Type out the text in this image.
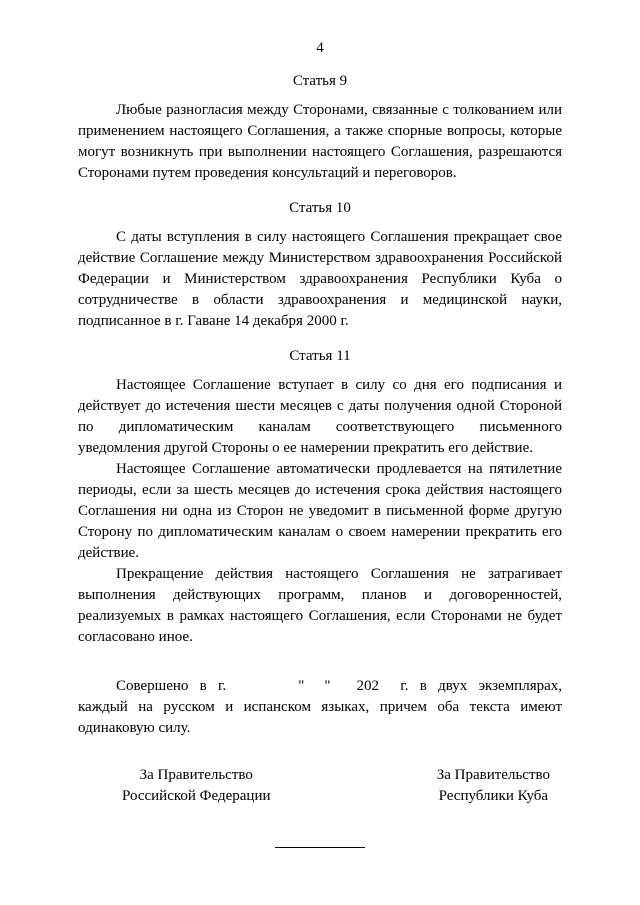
4
Статья 9

Любые разногласия между Сторонами, связанные с толкованием или применением настоящего Соглашения, а также спорные вопросы, которые могут возникнуть при выполнении настоящего Соглашения, разрешаются Сторонами путем проведения консультаций и переговоров.

Статья 10

С даты вступления в силу настоящего Соглашения прекращает свое действие Соглашение между Министерством здравоохранения Российской Федерации и Министерством здравоохранения Республики Куба о сотрудничестве в области здравоохранения и медицинской науки, подписанное в г. Гаване 14 декабря 2000 г.

Статья 11

Настоящее Соглашение вступает в силу со дня его подписания и действует до истечения шести месяцев с даты получения одной Стороной по дипломатическим каналам соответствующего письменного уведомления другой Стороны о ее намерении прекратить его действие.

Настоящее Соглашение автоматически продлевается на пятилетние периоды, если за шесть месяцев до истечения срока действия настоящего Соглашения ни одна из Сторон не уведомит в письменной форме другую Сторону по дипломатическим каналам о своем намерении прекратить его действие.

Прекращение действия настоящего Соглашения не затрагивает выполнения действующих программ, планов и договоренностей, реализуемых в рамках настоящего Соглашения, если Сторонами не будет согласовано иное.

Совершено в г.	" " 202 г. в двух экземплярах, каждый на русском и испанском языках, причем оба текста имеют одинаковую силу.

За Правительство
Российской Федерации
За Правительство
Республики Куба
